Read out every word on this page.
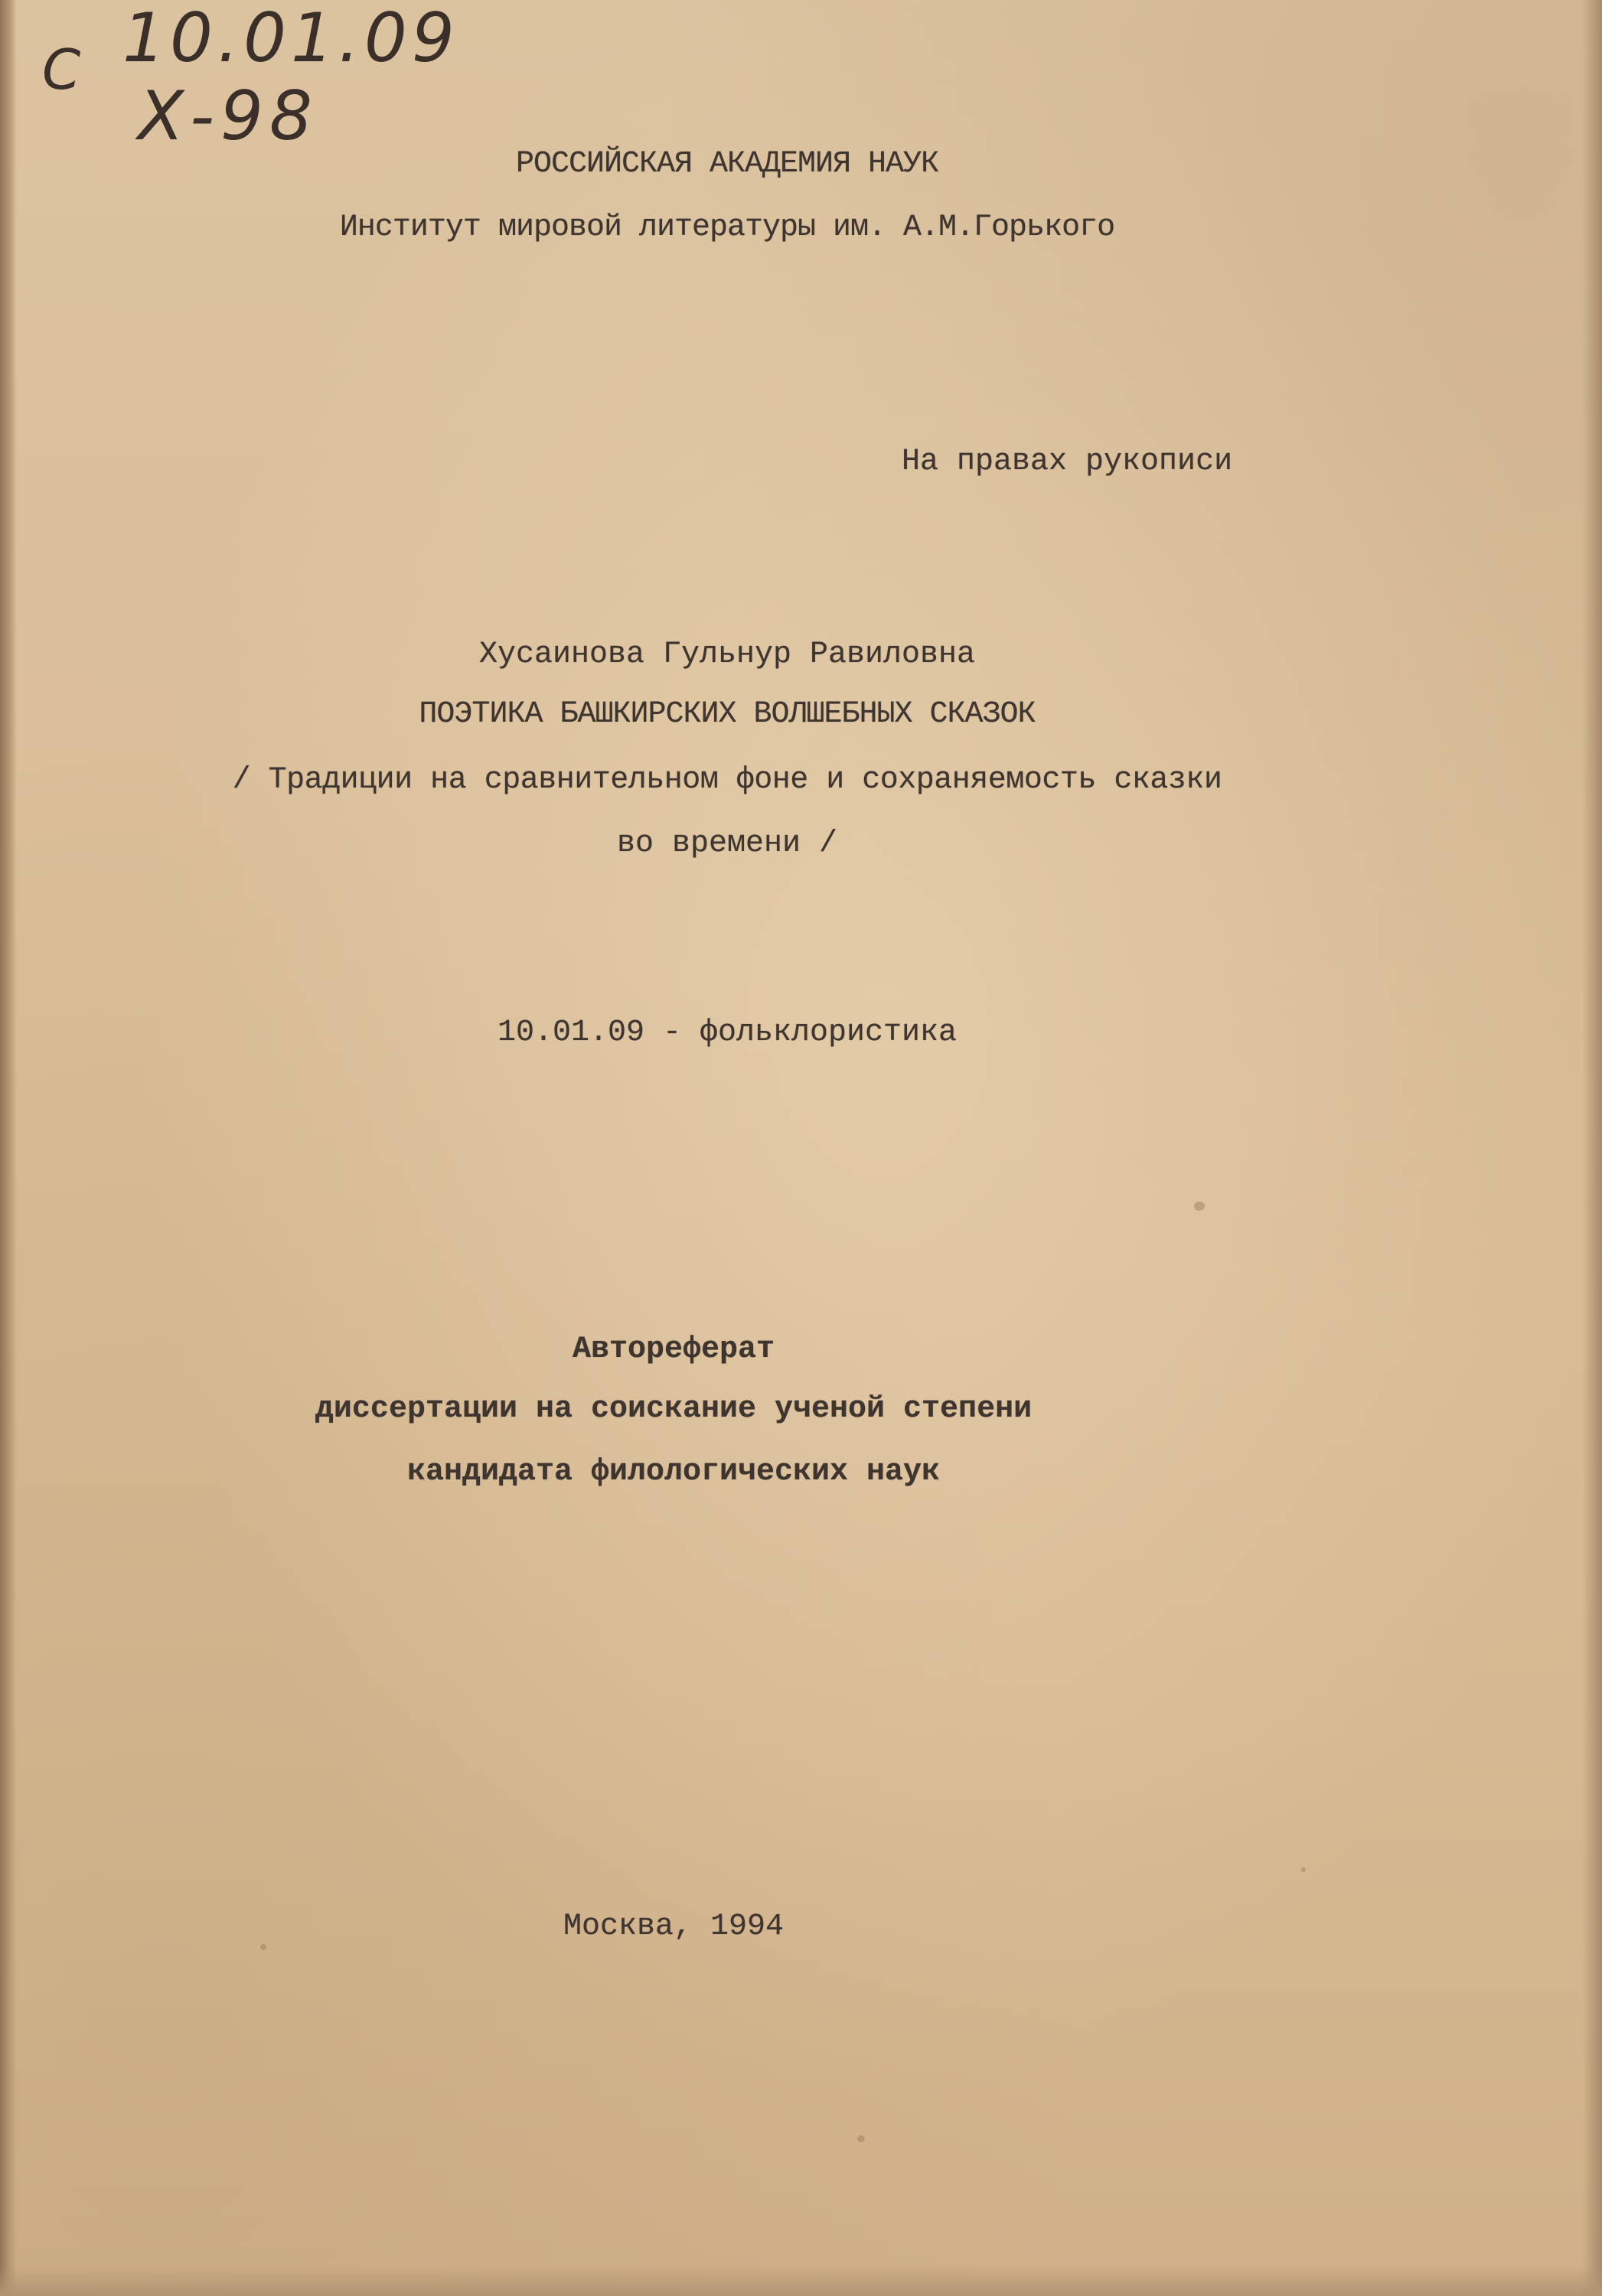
С 10.01.09
Х-98

РОССИЙСКАЯ АКАДЕМИЯ НАУК

Институт мировой литературы им. А.М.Горького

На правах рукописи

Хусаинова Гульнур Равиловна

ПОЭТИКА БАШКИРСКИХ ВОЛШЕБНЫХ СКАЗОК

/ Традиции на сравнительном фоне и сохраняемость сказки

во времени /

10.01.09 - фольклористика

Автореферат

диссертации на соискание ученой степени

кандидата филологических наук

Москва, 1994
